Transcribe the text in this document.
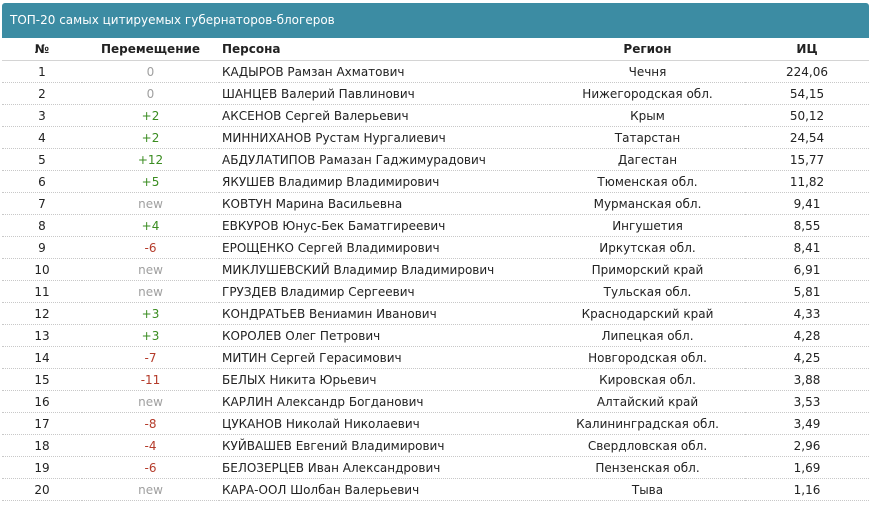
ТОП-20 самых цитируемых губернаторов-блогеров
№	Перемещение	Персона	Регион	ИЦ
1	0	КАДЫРОВ Рамзан Ахматович	Чечня	224,06
2	0	ШАНЦЕВ Валерий Павлинович	Нижегородская обл.	54,15
3	+2	АКСЕНОВ Сергей Валерьевич	Крым	50,12
4	+2	МИННИХАНОВ Рустам Нургалиевич	Татарстан	24,54
5	+12	АБДУЛАТИПОВ Рамазан Гаджимурадович	Дагестан	15,77
6	+5	ЯКУШЕВ Владимир Владимирович	Тюменская обл.	11,82
7	new	КОВТУН Марина Васильевна	Мурманская обл.	9,41
8	+4	ЕВКУРОВ Юнус-Бек Баматгиреевич	Ингушетия	8,55
9	-6	ЕРОЩЕНКО Сергей Владимирович	Иркутская обл.	8,41
10	new	МИКЛУШЕВСКИЙ Владимир Владимирович	Приморский край	6,91
11	new	ГРУЗДЕВ Владимир Сергеевич	Тульская обл.	5,81
12	+3	КОНДРАТЬЕВ Вениамин Иванович	Краснодарский край	4,33
13	+3	КОРОЛЕВ Олег Петрович	Липецкая обл.	4,28
14	-7	МИТИН Сергей Герасимович	Новгородская обл.	4,25
15	-11	БЕЛЫХ Никита Юрьевич	Кировская обл.	3,88
16	new	КАРЛИН Александр Богданович	Алтайский край	3,53
17	-8	ЦУКАНОВ Николай Николаевич	Калининградская обл.	3,49
18	-4	КУЙВАШЕВ Евгений Владимирович	Свердловская обл.	2,96
19	-6	БЕЛОЗЕРЦЕВ Иван Александрович	Пензенская обл.	1,69
20	new	КАРА-ООЛ Шолбан Валерьевич	Тыва	1,16
